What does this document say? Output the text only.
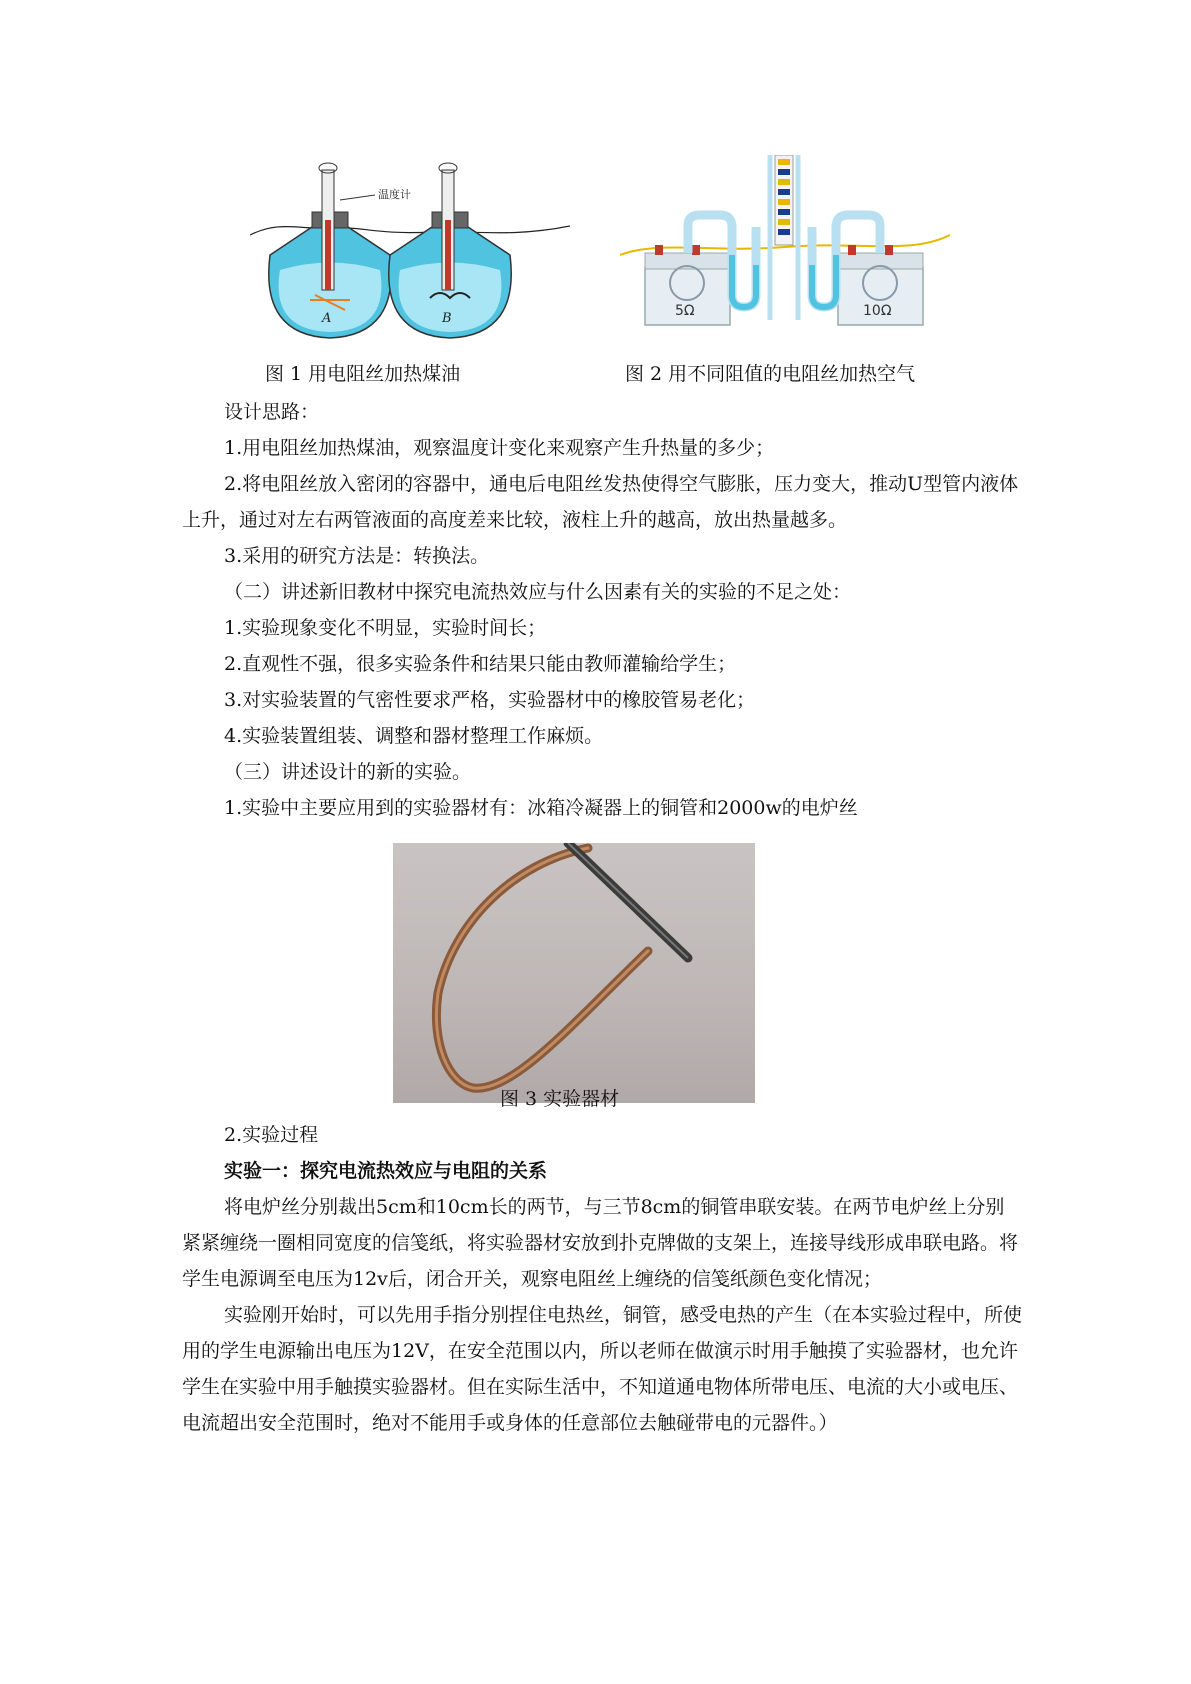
温度计
A	B	5Ω	10Ω
图 1 用电阻丝加热煤油	图 2 用不同阻值的电阻丝加热空气

设计思路：

1.用电阻丝加热煤油，观察温度计变化来观察产生升热量的多少；

2.将电阻丝放入密闭的容器中，通电后电阻丝发热使得空气膨胀，压力变大，推动U型管内液体上升，通过对左右两管液面的高度差来比较，液柱上升的越高，放出热量越多。

3.采用的研究方法是：转换法。

（二）讲述新旧教材中探究电流热效应与什么因素有关的实验的不足之处：

1.实验现象变化不明显，实验时间长；

2.直观性不强，很多实验条件和结果只能由教师灌输给学生；

3.对实验装置的气密性要求严格，实验器材中的橡胶管易老化；

4.实验装置组装、调整和器材整理工作麻烦。

（三）讲述设计的新的实验。

1.实验中主要应用到的实验器材有：冰箱冷凝器上的铜管和2000w的电炉丝

图 3 实验器材

2.实验过程

实验一：探究电流热效应与电阻的关系

将电炉丝分别裁出5cm和10cm长的两节，与三节8cm的铜管串联安装。在两节电炉丝上分别紧紧缠绕一圈相同宽度的信笺纸，将实验器材安放到扑克牌做的支架上，连接导线形成串联电路。将学生电源调至电压为12v后，闭合开关，观察电阻丝上缠绕的信笺纸颜色变化情况；

实验刚开始时，可以先用手指分别捏住电热丝，铜管，感受电热的产生（在本实验过程中，所使用的学生电源输出电压为12V，在安全范围以内，所以老师在做演示时用手触摸了实验器材，也允许学生在实验中用手触摸实验器材。但在实际生活中，不知道通电物体所带电压、电流的大小或电压、电流超出安全范围时，绝对不能用手或身体的任意部位去触碰带电的元器件。）
